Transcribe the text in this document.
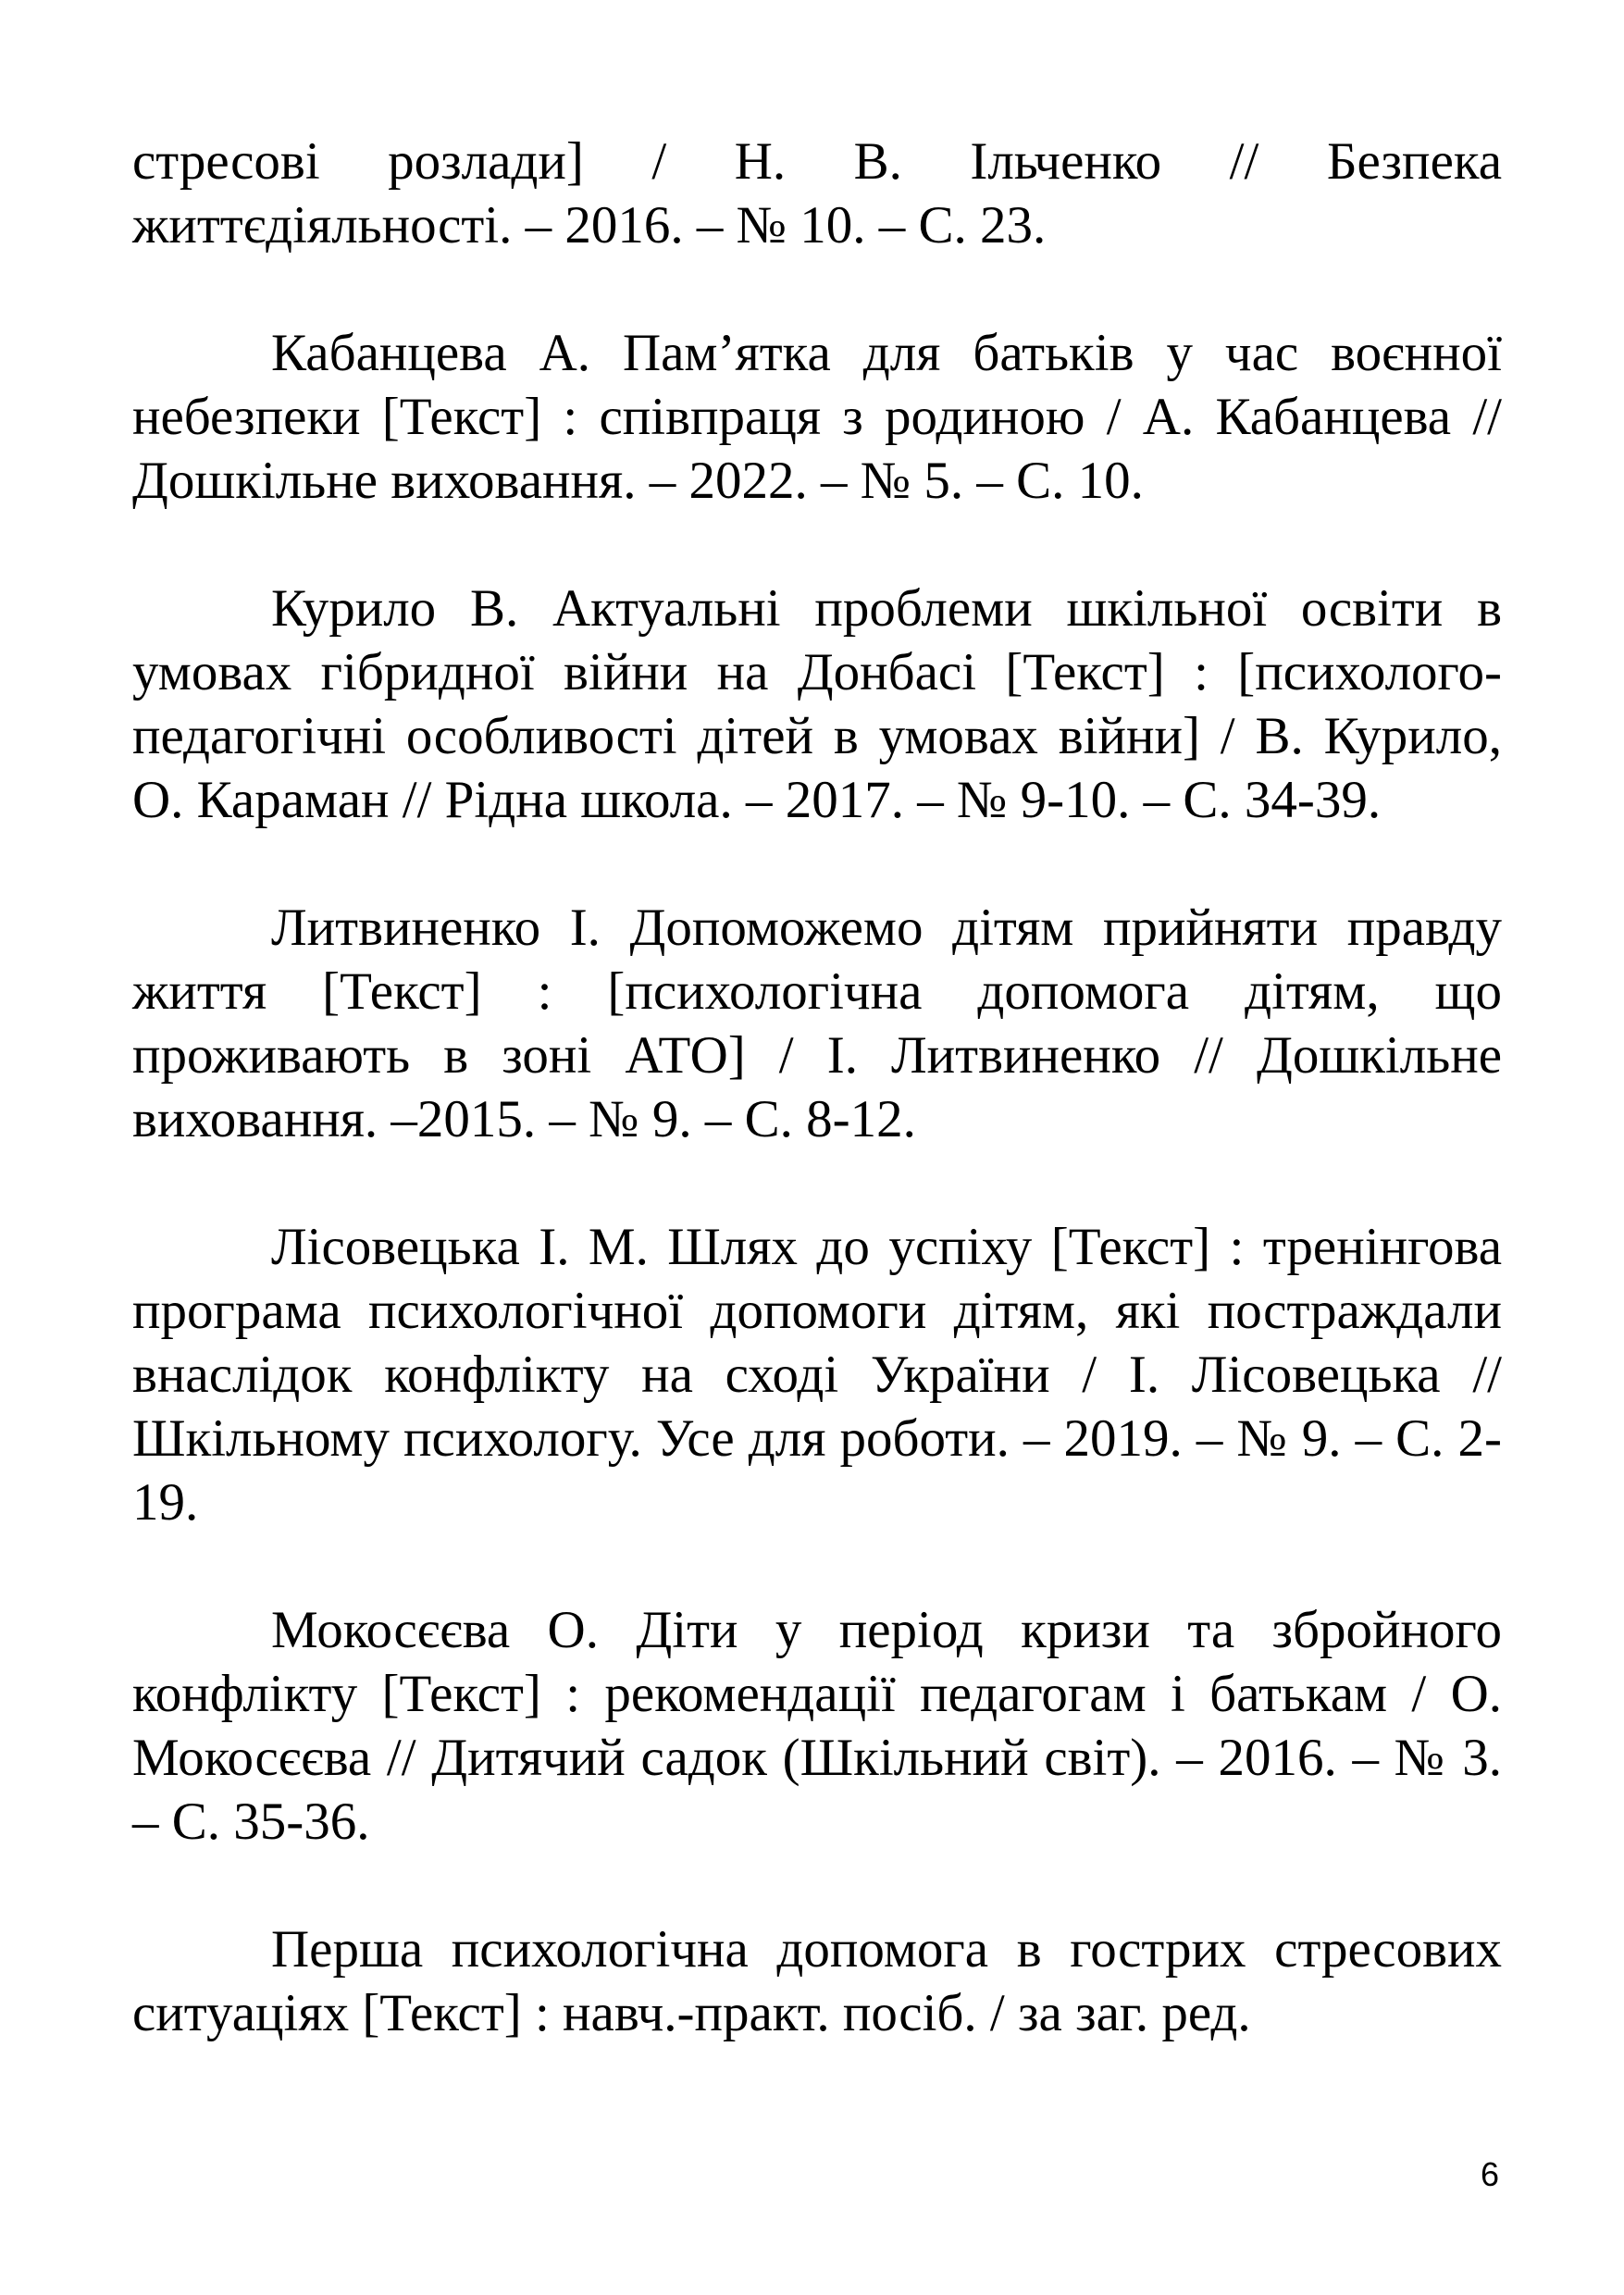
стресові розлади] / Н. В. Ільченко // Безпека життєдіяльності. – 2016. – № 10. – С. 23.

Кабанцева А. Пам’ятка для батьків у час воєнної небезпеки [Текст] : співпраця з родиною / А. Кабанцева // Дошкільне виховання. – 2022. – № 5. – С. 10.

Курило В. Актуальні проблеми шкільної освіти в умовах гібридної війни на Донбасі [Текст] : [психолого-педагогічні особливості дітей в умовах війни] / В. Курило, О. Караман // Рідна школа. – 2017. – № 9-10. – С. 34-39.

Литвиненко І. Допоможемо дітям прийняти правду життя [Текст] : [психологічна допомога дітям, що проживають в зоні АТО] / І. Литвиненко // Дошкільне виховання. –2015. – № 9. – С. 8-12.

Лісовецька І. М. Шлях до успіху [Текст] : тренінгова програма психологічної допомоги дітям, які постраждали внаслідок конфлікту на сході України / І. Лісовецька // Шкільному психологу. Усе для роботи. – 2019. – № 9. – С. 2-19.

Мокосєєва О. Діти у період кризи та збройного конфлікту [Текст] : рекомендації педагогам і батькам / О. Мокосєєва // Дитячий садок (Шкільний світ). – 2016. – № 3. – С. 35-36.

Перша психологічна допомога в гострих стресових ситуаціях [Текст] : навч.-практ. посіб. / за заг. ред.

6
